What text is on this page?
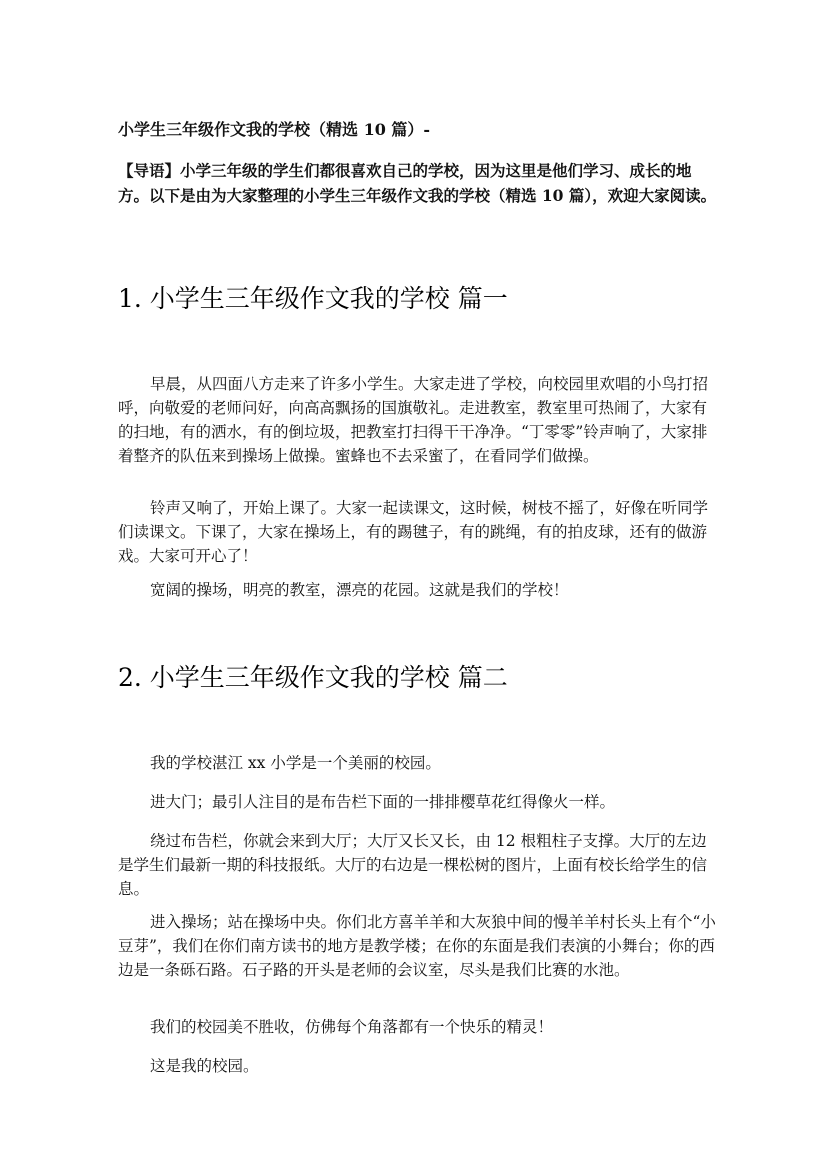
小学生三年级作文我的学校（精选 10 篇）-

【导语】小学三年级的学生们都很喜欢自己的学校，因为这里是他们学习、成长的地方。以下是由为大家整理的小学生三年级作文我的学校（精选 10 篇），欢迎大家阅读。

1. 小学生三年级作文我的学校 篇一

早晨，从四面八方走来了许多小学生。大家走进了学校，向校园里欢唱的小鸟打招呼，向敬爱的老师问好，向高高飘扬的国旗敬礼。走进教室，教室里可热闹了，大家有的扫地，有的洒水，有的倒垃圾，把教室打扫得干干净净。“丁零零”铃声响了，大家排着整齐的队伍来到操场上做操。蜜蜂也不去采蜜了，在看同学们做操。

铃声又响了，开始上课了。大家一起读课文，这时候，树枝不摇了，好像在听同学们读课文。下课了，大家在操场上，有的踢毽子，有的跳绳，有的拍皮球，还有的做游戏。大家可开心了！

宽阔的操场，明亮的教室，漂亮的花园。这就是我们的学校！

2. 小学生三年级作文我的学校 篇二

我的学校湛江 xx 小学是一个美丽的校园。

进大门；最引人注目的是布告栏下面的一排排樱草花红得像火一样。

绕过布告栏，你就会来到大厅；大厅又长又长，由 12 根粗柱子支撑。大厅的左边是学生们最新一期的科技报纸。大厅的右边是一棵松树的图片，上面有校长给学生的信息。

进入操场；站在操场中央。你们北方喜羊羊和大灰狼中间的慢羊羊村长头上有个“小豆芽”，我们在你们南方读书的地方是教学楼；在你的东面是我们表演的小舞台；你的西边是一条砾石路。石子路的开头是老师的会议室，尽头是我们比赛的水池。

我们的校园美不胜收，仿佛每个角落都有一个快乐的精灵！

这是我的校园。
